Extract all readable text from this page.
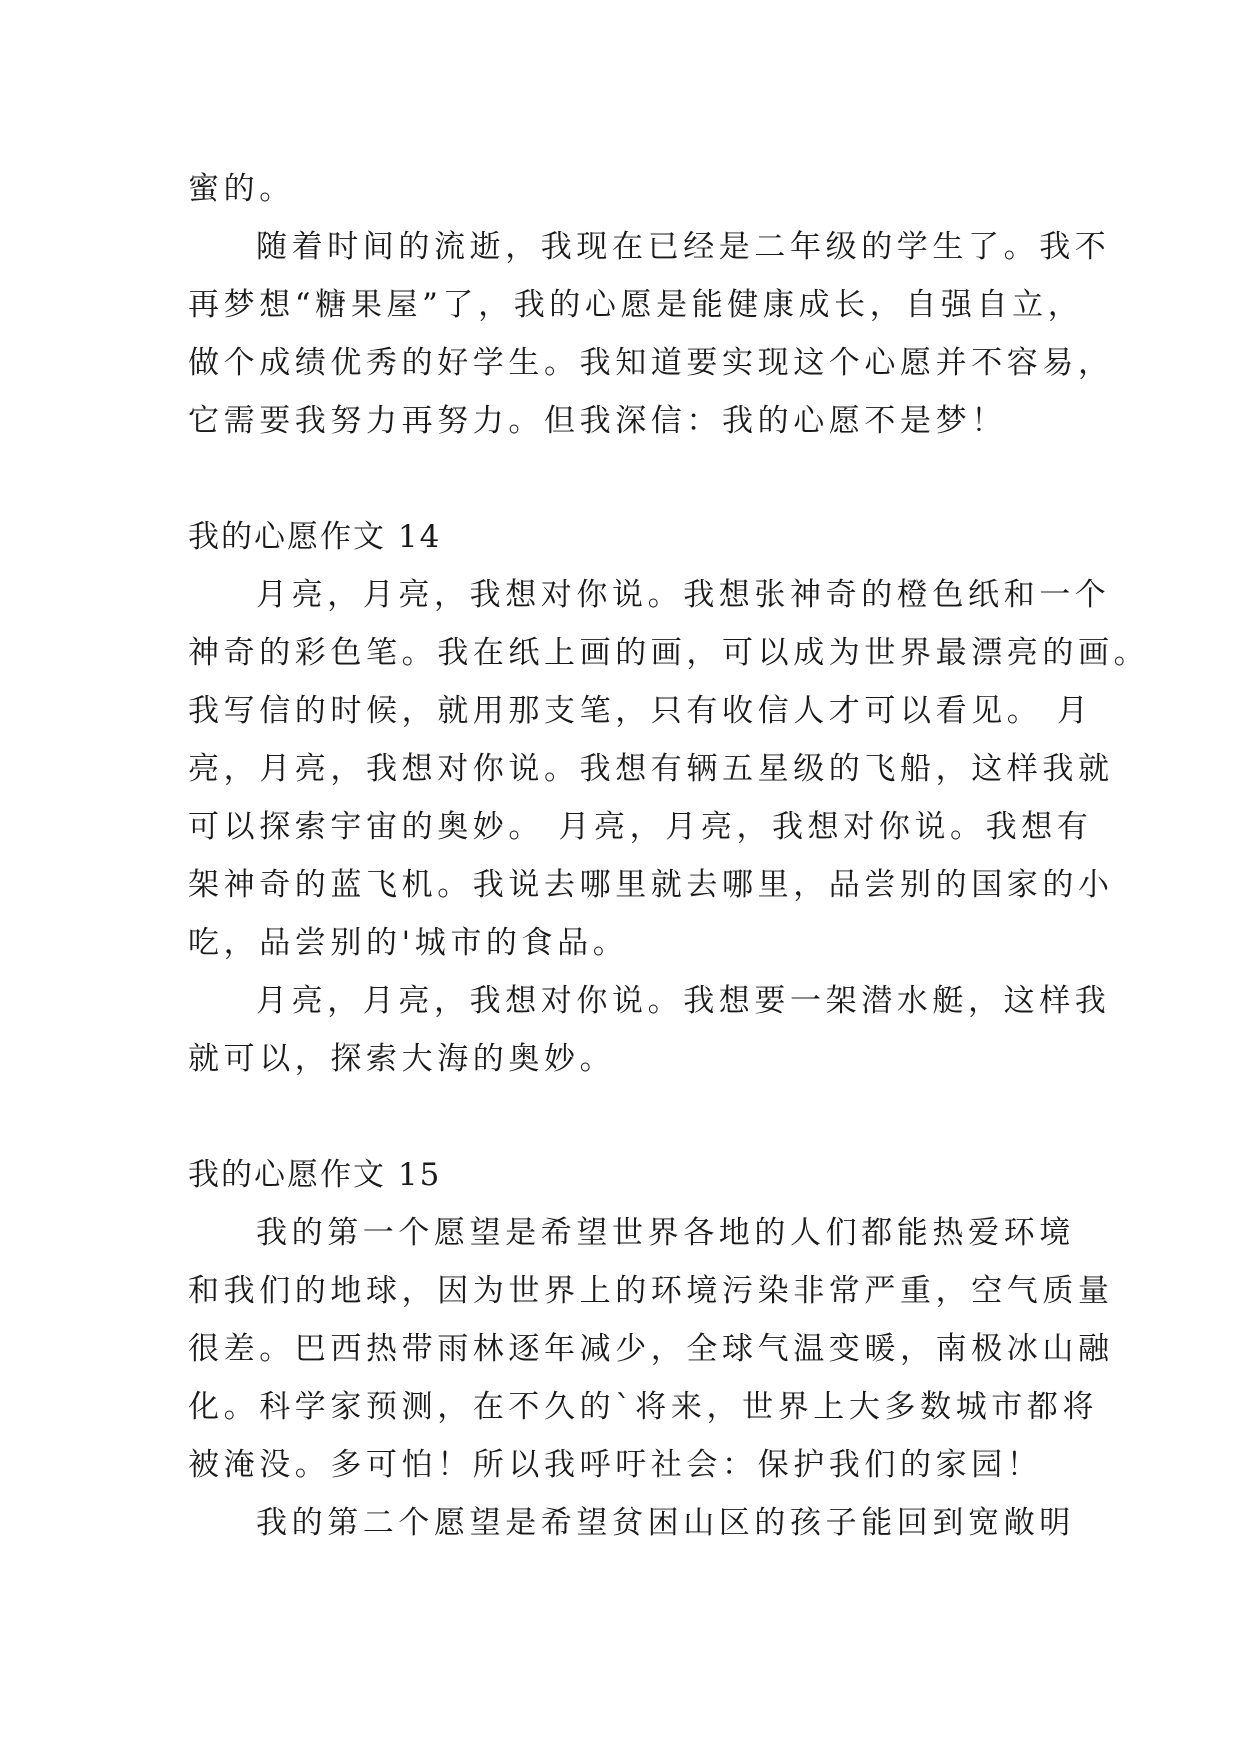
蜜的。
随着时间的流逝，我现在已经是二年级的学生了。我不
再梦想“糖果屋”了，我的心愿是能健康成长，自强自立，
做个成绩优秀的好学生。我知道要实现这个心愿并不容易，
它需要我努力再努力。但我深信：我的心愿不是梦！
我的心愿作文 14
月亮，月亮，我想对你说。我想张神奇的橙色纸和一个
神奇的彩色笔。我在纸上画的画，可以成为世界最漂亮的画。
我写信的时候，就用那支笔，只有收信人才可以看见。 月
亮，月亮，我想对你说。我想有辆五星级的飞船，这样我就
可以探索宇宙的奥妙。 月亮，月亮，我想对你说。我想有
架神奇的蓝飞机。我说去哪里就去哪里，品尝别的国家的小
吃，品尝别的'城市的食品。
月亮，月亮，我想对你说。我想要一架潜水艇，这样我
就可以，探索大海的奥妙。
我的心愿作文 15
我的第一个愿望是希望世界各地的人们都能热爱环境
和我们的地球，因为世界上的环境污染非常严重，空气质量
很差。巴西热带雨林逐年减少，全球气温变暖，南极冰山融
化。科学家预测，在不久的`将来，世界上大多数城市都将
被淹没。多可怕！所以我呼吁社会：保护我们的家园！
我的第二个愿望是希望贫困山区的孩子能回到宽敞明
